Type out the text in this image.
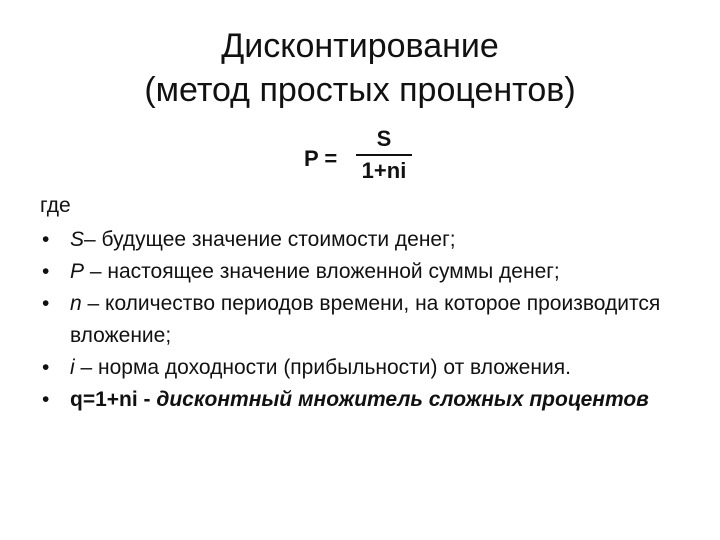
Дисконтирование
(метод простых процентов)
P =
S
1+ni
где
• S– будущее значение стоимости денег;
• P – настоящее значение вложенной суммы денег;
• n – количество периодов времени, на которое производится вложение;
• i – норма доходности (прибыльности) от вложения.
• q=1+ni - дисконтный множитель сложных процентов
